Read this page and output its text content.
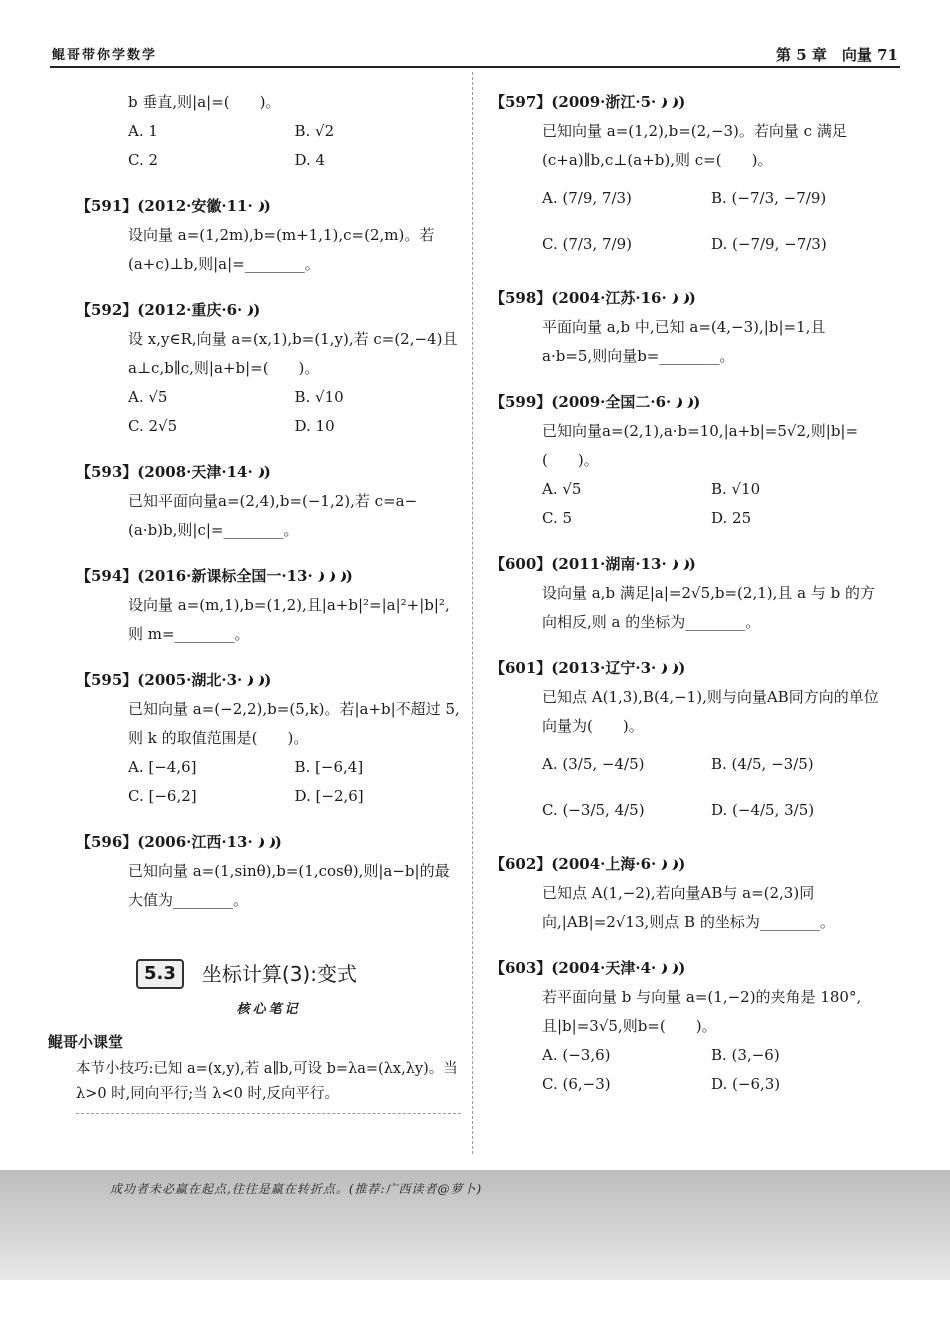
鲲哥带你学数学	第 5 章　向量 71
b 垂直,则|a|=(　　)。
A. 1	B. √2
C. 2	D. 4
【591】(2012·安徽·11· )
设向量 a=(1,2m),b=(m+1,1),c=(2,m)。若(a+c)⊥b,则|a|=________。
【592】(2012·重庆·6· )
设 x,y∈R,向量 a=(x,1),b=(1,y),若 c=(2,−4)且 a⊥c,b∥c,则|a+b|=(　　)。
A. √5	B. √10
C. 2√5	D. 10
【593】(2008·天津·14· )
已知平面向量a=(2,4),b=(−1,2),若 c=a−(a·b)b,则|c|=________。
【594】(2016·新课标全国一·13· )
设向量 a=(m,1),b=(1,2),且|a+b|²=|a|²+|b|²,则 m=________。
【595】(2005·湖北·3· )
已知向量 a=(−2,2),b=(5,k)。若|a+b|不超过 5,则 k 的取值范围是(　　)。
A. [−4,6]	B. [−6,4]
C. [−6,2]	D. [−2,6]
【596】(2006·江西·13· )
已知向量 a=(1,sinθ),b=(1,cosθ),则|a−b|的最大值为________。
5.3	坐标计算(3):变式
核心笔记
鲲哥小课堂
本节小技巧:已知 a=(x,y),若 a∥b,可设 b=λa=(λx,λy)。当 λ>0 时,同向平行;当 λ<0 时,反向平行。
【597】(2009·浙江·5· )
已知向量 a=(1,2),b=(2,−3)。若向量 c 满足(c+a)∥b,c⊥(a+b),则 c=(　　)。
A. (7/9, 7/3)	B. (−7/3, −7/9)
C. (7/3, 7/9)	D. (−7/9, −7/3)
【598】(2004·江苏·16· )
平面向量 a,b 中,已知 a=(4,−3),|b|=1,且 a·b=5,则向量b=________。
【599】(2009·全国二·6· )
已知向量a=(2,1),a·b=10,|a+b|=5√2,则|b|=(　　)。
A. √5	B. √10
C. 5	D. 25
【600】(2011·湖南·13· )
设向量 a,b 满足|a|=2√5,b=(2,1),且 a 与 b 的方向相反,则 a 的坐标为________。
【601】(2013·辽宁·3· )
已知点 A(1,3),B(4,−1),则与向量AB同方向的单位向量为(　　)。
A. (3/5, −4/5)	B. (4/5, −3/5)
C. (−3/5, 4/5)	D. (−4/5, 3/5)
【602】(2004·上海·6· )
已知点 A(1,−2),若向量AB与 a=(2,3)同向,|AB|=2√13,则点 B 的坐标为________。
【603】(2004·天津·4· )
若平面向量 b 与向量 a=(1,−2)的夹角是 180°,且|b|=3√5,则b=(　　)。
A. (−3,6)	B. (3,−6)
C. (6,−3)	D. (−6,3)
成功者未必赢在起点,往往是赢在转折点。(推荐:广西读者@萝卜)
